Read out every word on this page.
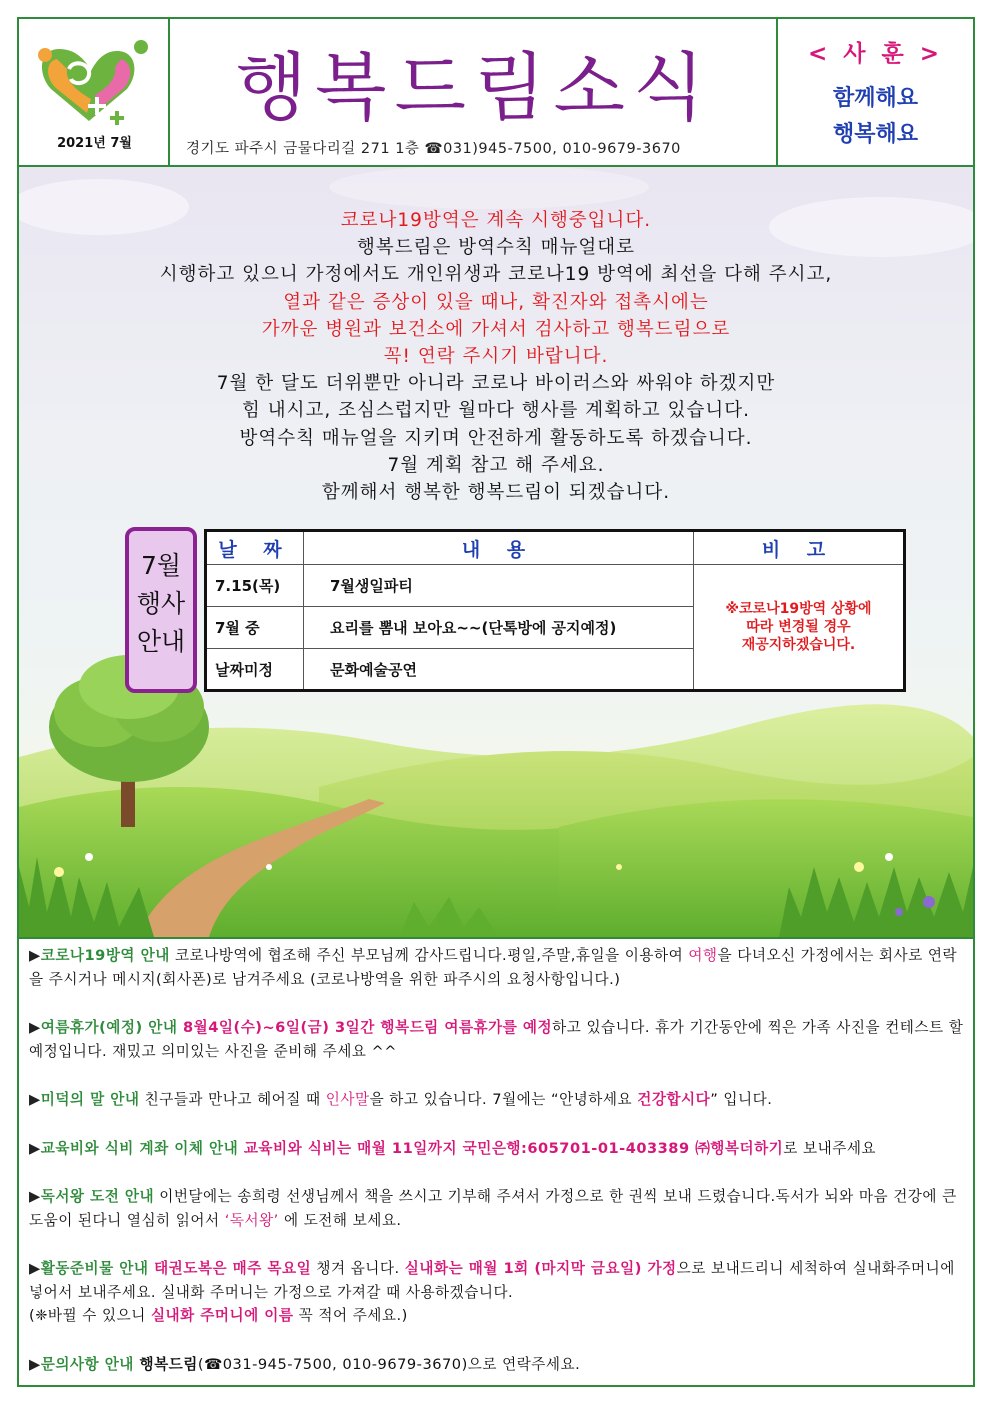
2021년 7월
행복드림소식
경기도 파주시 금물다리길 271 1층 ☎031)945-7500, 010-9679-3670
< 사 훈 >
함께해요
행복해요
코로나19방역은 계속 시행중입니다.
행복드림은 방역수칙 매뉴얼대로
시행하고 있으니 가정에서도 개인위생과 코로나19 방역에 최선을 다해 주시고,
열과 같은 증상이 있을 때나, 확진자와 접촉시에는
가까운 병원과 보건소에 가셔서 검사하고 행복드림으로
꼭! 연락 주시기 바랍니다.
7월 한 달도 더위뿐만 아니라 코로나 바이러스와 싸워야 하겠지만
힘 내시고, 조심스럽지만 월마다 행사를 계획하고 있습니다.
방역수칙 매뉴얼을 지키며 안전하게 활동하도록 하겠습니다.
7월 계획 참고 해 주세요.
함께해서 행복한 행복드림이 되겠습니다.
7월
행사
안내
날 짜	내 용	비 고
7.15(목)	7월생일파티	※코로나19방역 상황에
따라 변경될 경우
재공지하겠습니다.

7월 중	요리를 뽐내 보아요~~(단톡방에 공지예정)	
날짜미정	문화예술공연	
▶코로나19방역 안내 코로나방역에 협조해 주신 부모님께 감사드립니다.평일,주말,휴일을 이용하여 여행을 다녀오신 가정에서는 회사로 연락을 주시거나 메시지(회사폰)로 남겨주세요 (코로나방역을 위한 파주시의 요청사항입니다.)
▶여름휴가(예정) 안내 8월4일(수)~6일(금) 3일간 행복드림 여름휴가를 예정하고 있습니다. 휴가 기간동안에 찍은 가족 사진을 컨테스트 할 예정입니다. 재밌고 의미있는 사진을 준비해 주세요 ^^
▶미덕의 말 안내 친구들과 만나고 헤어질 때 인사말을 하고 있습니다. 7월에는 “안녕하세요 건강합시다” 입니다.
▶교육비와 식비 계좌 이체 안내 교육비와 식비는 매월 11일까지 국민은행:605701-01-403389 ㈜행복더하기로 보내주세요
▶독서왕 도전 안내 이번달에는 송희령 선생님께서 책을 쓰시고 기부해 주셔서 가정으로 한 권씩 보내 드렸습니다.독서가 뇌와 마음 건강에 큰 도움이 된다니 열심히 읽어서 ‘독서왕’ 에 도전해 보세요.
▶활동준비물 안내 태권도복은 매주 목요일 챙겨 옵니다. 실내화는 매월 1회 (마지막 금요일) 가정으로 보내드리니 세척하여 실내화주머니에 넣어서 보내주세요. 실내화 주머니는 가정으로 가져갈 때 사용하겠습니다.
(❈바뀔 수 있으니 실내화 주머니에 이름 꼭 적어 주세요.)
▶문의사항 안내 행복드림(☎031-945-7500, 010-9679-3670)으로 연락주세요.
